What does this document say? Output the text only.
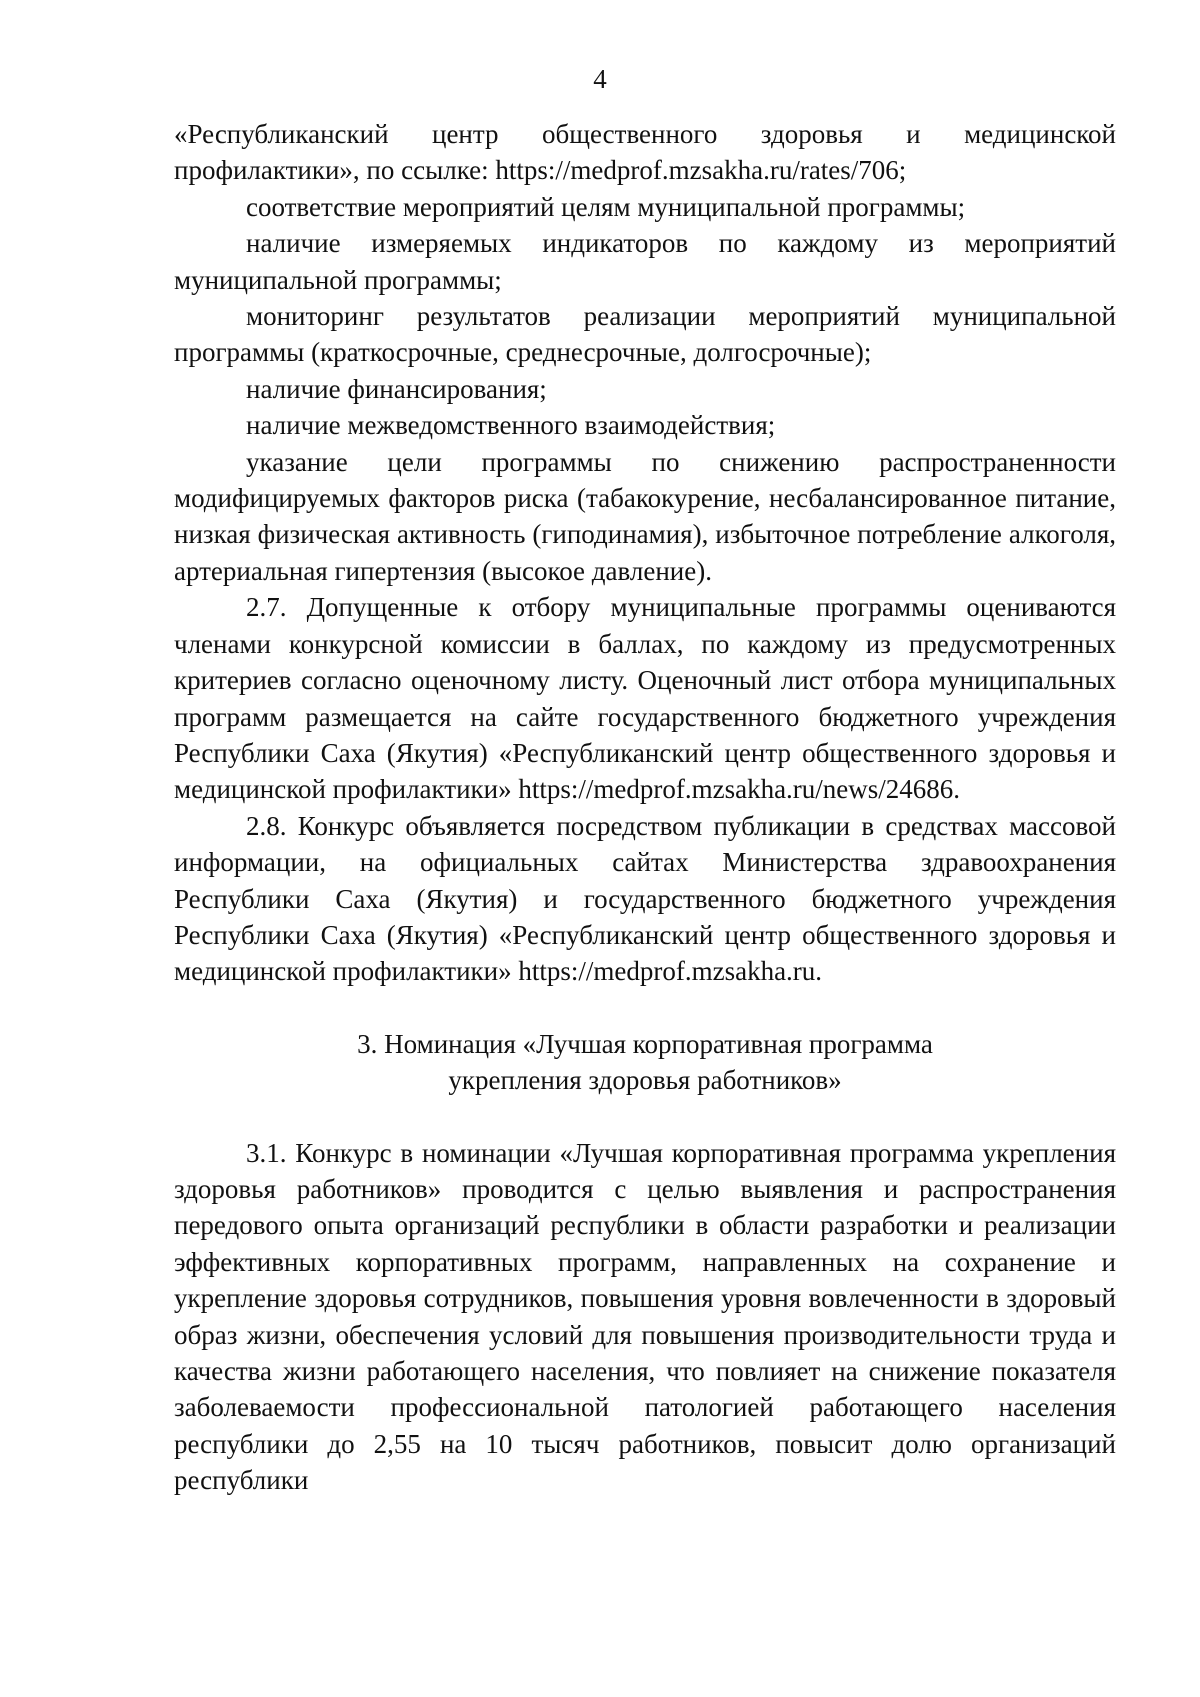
4

«Республиканский центр общественного здоровья и медицинской профилактики», по ссылке: https://medprof.mzsakha.ru/rates/706;

соответствие мероприятий целям муниципальной программы;

наличие измеряемых индикаторов по каждому из мероприятий муниципальной программы;

мониторинг результатов реализации мероприятий муниципальной программы (краткосрочные, среднесрочные, долгосрочные);

наличие финансирования;

наличие межведомственного взаимодействия;

указание цели программы по снижению распространенности модифицируемых факторов риска (табакокурение, несбалансированное питание, низкая физическая активность (гиподинамия), избыточное потребление алкоголя, артериальная гипертензия (высокое давление).

2.7. Допущенные к отбору муниципальные программы оцениваются членами конкурсной комиссии в баллах, по каждому из предусмотренных критериев согласно оценочному листу. Оценочный лист отбора муниципальных программ размещается на сайте государственного бюджетного учреждения Республики Саха (Якутия) «Республиканский центр общественного здоровья и медицинской профилактики» https://medprof.mzsakha.ru/news/24686.

2.8. Конкурс объявляется посредством публикации в средствах массовой информации, на официальных сайтах Министерства здравоохранения Республики Саха (Якутия) и государственного бюджетного учреждения Республики Саха (Якутия) «Республиканский центр общественного здоровья и медицинской профилактики» https://medprof.mzsakha.ru.

3. Номинация «Лучшая корпоративная программа
укрепления здоровья работников»

3.1. Конкурс в номинации «Лучшая корпоративная программа укрепления здоровья работников» проводится с целью выявления и распространения передового опыта организаций республики в области разработки и реализации эффективных корпоративных программ, направленных на сохранение и укрепление здоровья сотрудников, повышения уровня вовлеченности в здоровый образ жизни, обеспечения условий для повышения производительности труда и качества жизни работающего населения, что повлияет на снижение показателя заболеваемости профессиональной патологией работающего населения республики до 2,55 на 10 тысяч работников, повысит долю организаций республики
